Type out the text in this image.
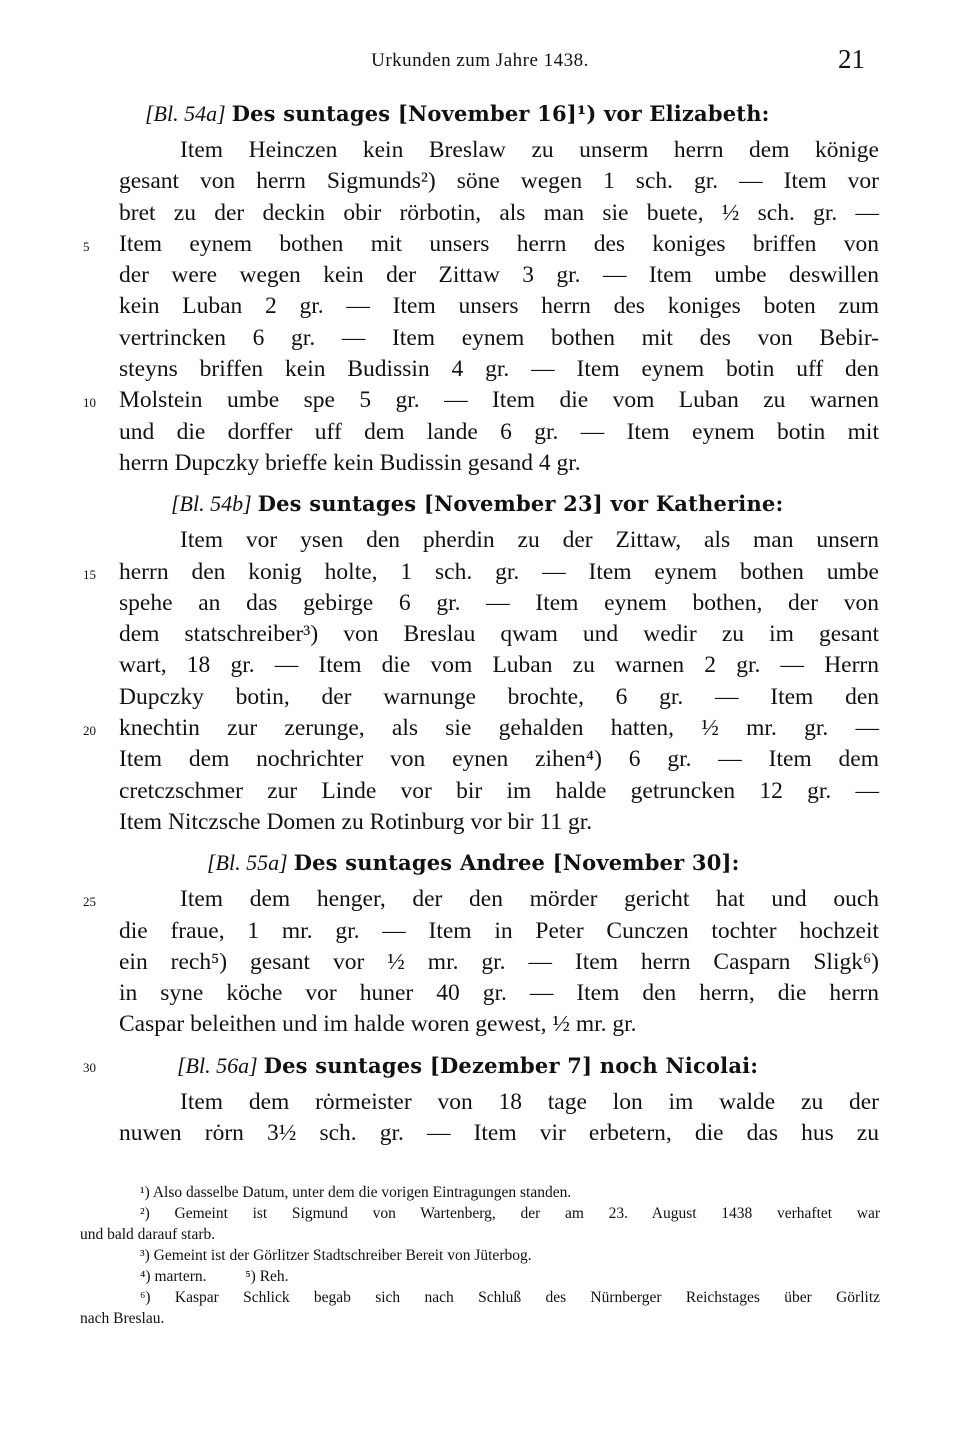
Urkunden zum Jahre 1438.	21
[Bl. 54a] Des suntages [November 16]¹) vor Elizabeth:
Item Heinczen kein Breslaw zu unserm herrn dem könige
gesant von herrn Sigmunds²) söne wegen 1 sch. gr. — Item vor
bret zu der deckin obir rörbotin, als man sie buete, ½ sch. gr. —
5 Item eynem bothen mit unsers herrn des koniges briffen von
der were wegen kein der Zittaw 3 gr. — Item umbe deswillen
kein Luban 2 gr. — Item unsers herrn des koniges boten zum
vertrincken 6 gr. — Item eynem bothen mit des von Bebir-
steyns briffen kein Budissin 4 gr. — Item eynem botin uff den
10 Molstein umbe spe 5 gr. — Item die vom Luban zu warnen
und die dorffer uff dem lande 6 gr. — Item eynem botin mit
herrn Dupczky brieffe kein Budissin gesand 4 gr.
[Bl. 54b] Des suntages [November 23] vor Katherine:
Item vor ysen den pherdin zu der Zittaw, als man unsern
15 herrn den konig holte, 1 sch. gr. — Item eynem bothen umbe
spehe an das gebirge 6 gr. — Item eynem bothen, der von
dem statschreiber³) von Breslau qwam und wedir zu im gesant
wart, 18 gr. — Item die vom Luban zu warnen 2 gr. — Herrn
Dupczky botin, der warnunge brochte, 6 gr. — Item den
20 knechtin zur zerunge, als sie gehalden hatten, ½ mr. gr. —
Item dem nochrichter von eynen zihen⁴) 6 gr. — Item dem
cretczschmer zur Linde vor bir im halde getruncken 12 gr. —
Item Nitczsche Domen zu Rotinburg vor bir 11 gr.
[Bl. 55a] Des suntages Andree [November 30]:
25	Item dem henger, der den mörder gericht hat und ouch
die fraue, 1 mr. gr. — Item in Peter Cunczen tochter hochzeit
ein rech⁵) gesant vor ½ mr. gr. — Item herrn Casparn Sligk⁶)
in syne köche vor huner 40 gr. — Item den herrn, die herrn
Caspar beleithen und im halde woren gewest, ½ mr. gr.
30	[Bl. 56a] Des suntages [Dezember 7] noch Nicolai:
Item dem rȯrmeister von 18 tage lon im walde zu der
nuwen rȯrn 3½ sch. gr. — Item vir erbetern, die das hus zu
¹) Also dasselbe Datum, unter dem die vorigen Eintragungen standen.
²) Gemeint ist Sigmund von Wartenberg, der am 23. August 1438 verhaftet war
und bald darauf starb.
³) Gemeint ist der Görlitzer Stadtschreiber Bereit von Jüterbog.
⁴) martern.          ⁵) Reh.
⁶) Kaspar Schlick begab sich nach Schluß des Nürnberger Reichstages über Görlitz
nach Breslau.
